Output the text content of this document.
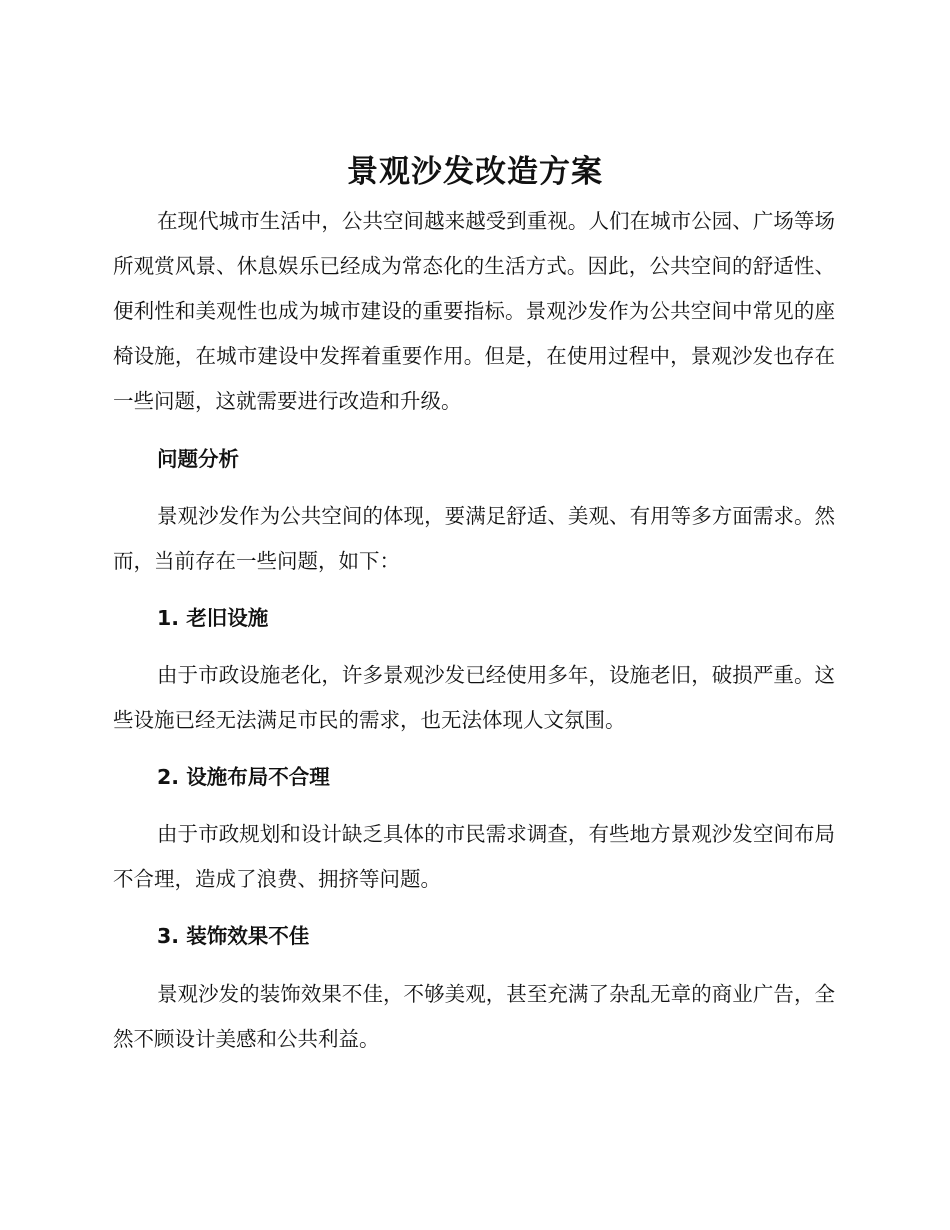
景观沙发改造方案

在现代城市生活中，公共空间越来越受到重视。人们在城市公园、广场等场所观赏风景、休息娱乐已经成为常态化的生活方式。因此，公共空间的舒适性、便利性和美观性也成为城市建设的重要指标。景观沙发作为公共空间中常见的座椅设施，在城市建设中发挥着重要作用。但是，在使用过程中，景观沙发也存在一些问题，这就需要进行改造和升级。

问题分析

景观沙发作为公共空间的体现，要满足舒适、美观、有用等多方面需求。然而，当前存在一些问题，如下：

1. 老旧设施

由于市政设施老化，许多景观沙发已经使用多年，设施老旧，破损严重。这些设施已经无法满足市民的需求，也无法体现人文氛围。

2. 设施布局不合理

由于市政规划和设计缺乏具体的市民需求调查，有些地方景观沙发空间布局不合理，造成了浪费、拥挤等问题。

3. 装饰效果不佳

景观沙发的装饰效果不佳，不够美观，甚至充满了杂乱无章的商业广告，全然不顾设计美感和公共利益。
